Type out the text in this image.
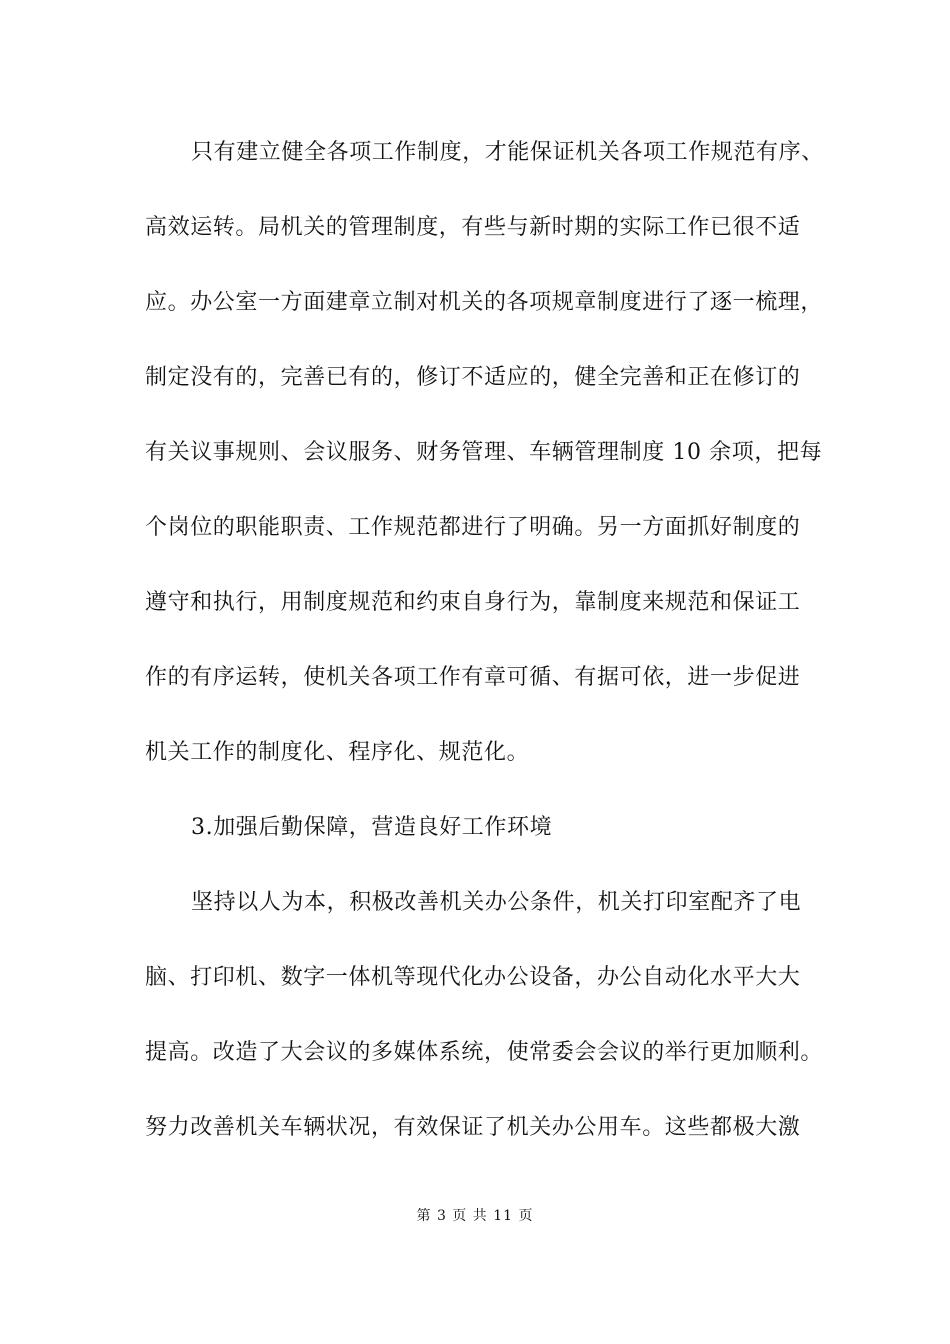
只有建立健全各项工作制度，才能保证机关各项工作规范有序、
高效运转。局机关的管理制度，有些与新时期的实际工作已很不适
应。办公室一方面建章立制对机关的各项规章制度进行了逐一梳理，
制定没有的，完善已有的，修订不适应的，健全完善和正在修订的
有关议事规则、会议服务、财务管理、车辆管理制度 10 余项，把每
个岗位的职能职责、工作规范都进行了明确。另一方面抓好制度的
遵守和执行，用制度规范和约束自身行为，靠制度来规范和保证工
作的有序运转，使机关各项工作有章可循、有据可依，进一步促进
机关工作的制度化、程序化、规范化。
3.加强后勤保障，营造良好工作环境
坚持以人为本，积极改善机关办公条件，机关打印室配齐了电
脑、打印机、数字一体机等现代化办公设备，办公自动化水平大大
提高。改造了大会议的多媒体系统，使常委会会议的举行更加顺利。
努力改善机关车辆状况，有效保证了机关办公用车。这些都极大激
第 3 页 共 11 页
